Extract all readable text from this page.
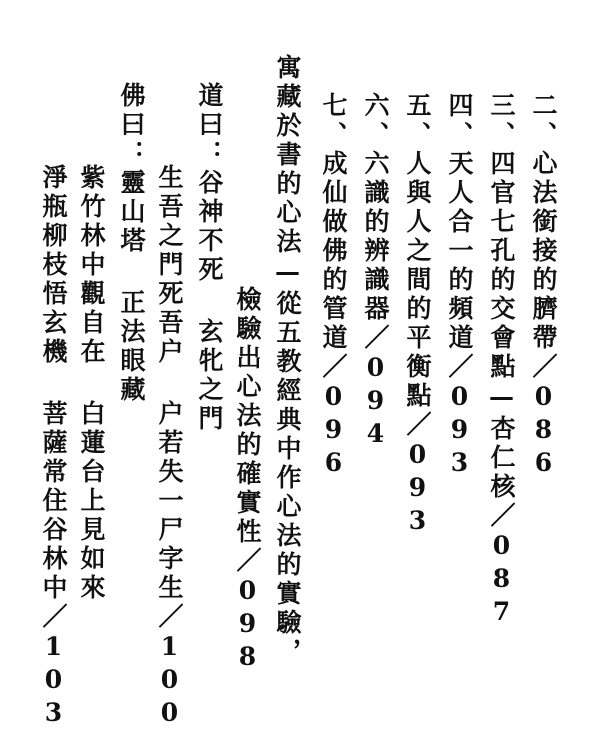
二、心法銜接的臍帶／086
三、四官七孔的交會點—杏仁核／087
四、天人合一的頻道／093
五、人與人之間的平衡點／093
六、六識的辨識器／094
七、成仙做佛的管道／096
寓藏於書的心法—從五教經典中作心法的實驗，
檢驗出心法的確實性／098
道曰：谷神不死 玄牝之門
生吾之門死吾户 户若失一尸字生／100
佛曰：靈山塔 正法眼藏
紫竹林中觀自在 白蓮台上見如來
淨瓶柳枝悟玄機 菩薩常住谷林中／103
